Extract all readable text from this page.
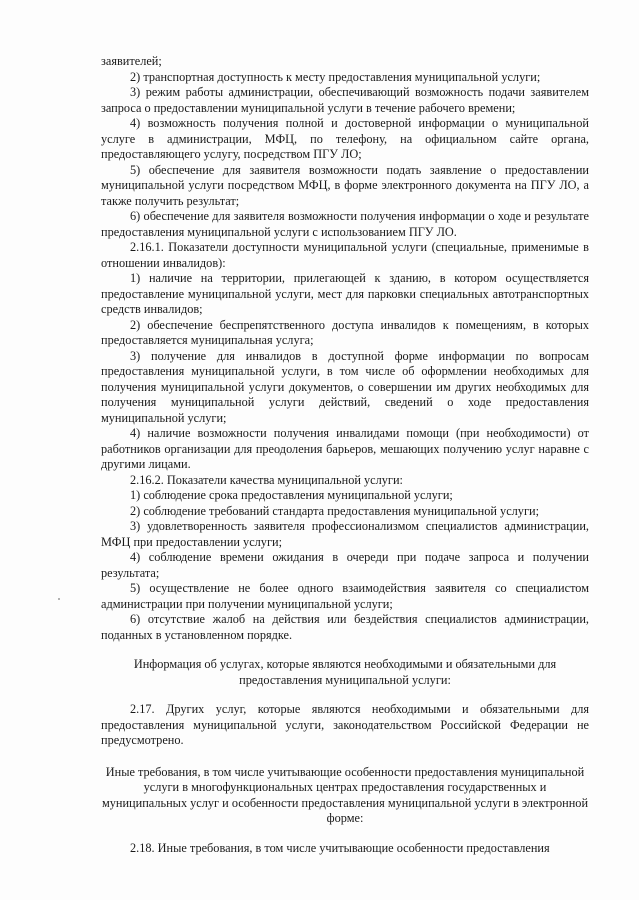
заявителей;

2) транспортная доступность к месту предоставления муниципальной услуги;

3) режим работы администрации, обеспечивающий возможность подачи заявителем запроса о предоставлении муниципальной услуги в течение рабочего времени;

4) возможность получения полной и достоверной информации о муниципальной услуге в администрации, МФЦ, по телефону, на официальном сайте органа, предоставляющего услугу, посредством ПГУ ЛО;

5) обеспечение для заявителя возможности подать заявление о предоставлении муниципальной услуги посредством МФЦ, в форме электронного документа на ПГУ ЛО, а также получить результат;

6) обеспечение для заявителя возможности получения информации о ходе и результате предоставления муниципальной услуги с использованием ПГУ ЛО.

2.16.1. Показатели доступности муниципальной услуги (специальные, применимые в отношении инвалидов):

1) наличие на территории, прилегающей к зданию, в котором осуществляется предоставление муниципальной услуги, мест для парковки специальных автотранспортных средств инвалидов;

2) обеспечение беспрепятственного доступа инвалидов к помещениям, в которых предоставляется муниципальная услуга;

3) получение для инвалидов в доступной форме информации по вопросам предоставления муниципальной услуги, в том числе об оформлении необходимых для получения муниципальной услуги документов, о совершении им других необходимых для получения муниципальной услуги действий, сведений о ходе предоставления муниципальной услуги;

4) наличие возможности получения инвалидами помощи (при необходимости) от работников организации для преодоления барьеров, мешающих получению услуг наравне с другими лицами.

2.16.2. Показатели качества муниципальной услуги:

1) соблюдение срока предоставления муниципальной услуги;

2) соблюдение требований стандарта предоставления муниципальной услуги;

3) удовлетворенность заявителя профессионализмом специалистов администрации, МФЦ при предоставлении услуги;

4) соблюдение времени ожидания в очереди при подаче запроса и получении результата;

5) осуществление не более одного взаимодействия заявителя со специалистом администрации при получении муниципальной услуги;

6) отсутствие жалоб на действия или бездействия специалистов администрации, поданных в установленном порядке.

Информация об услугах, которые являются необходимыми и обязательными для предоставления муниципальной услуги:

2.17. Других услуг, которые являются необходимыми и обязательными для предоставления муниципальной услуги, законодательством Российской Федерации не предусмотрено.

Иные требования, в том числе учитывающие особенности предоставления муниципальной услуги в многофункциональных центрах предоставления государственных и муниципальных услуг и особенности предоставления муниципальной услуги в электронной форме:

2.18. Иные требования, в том числе учитывающие особенности предоставления
